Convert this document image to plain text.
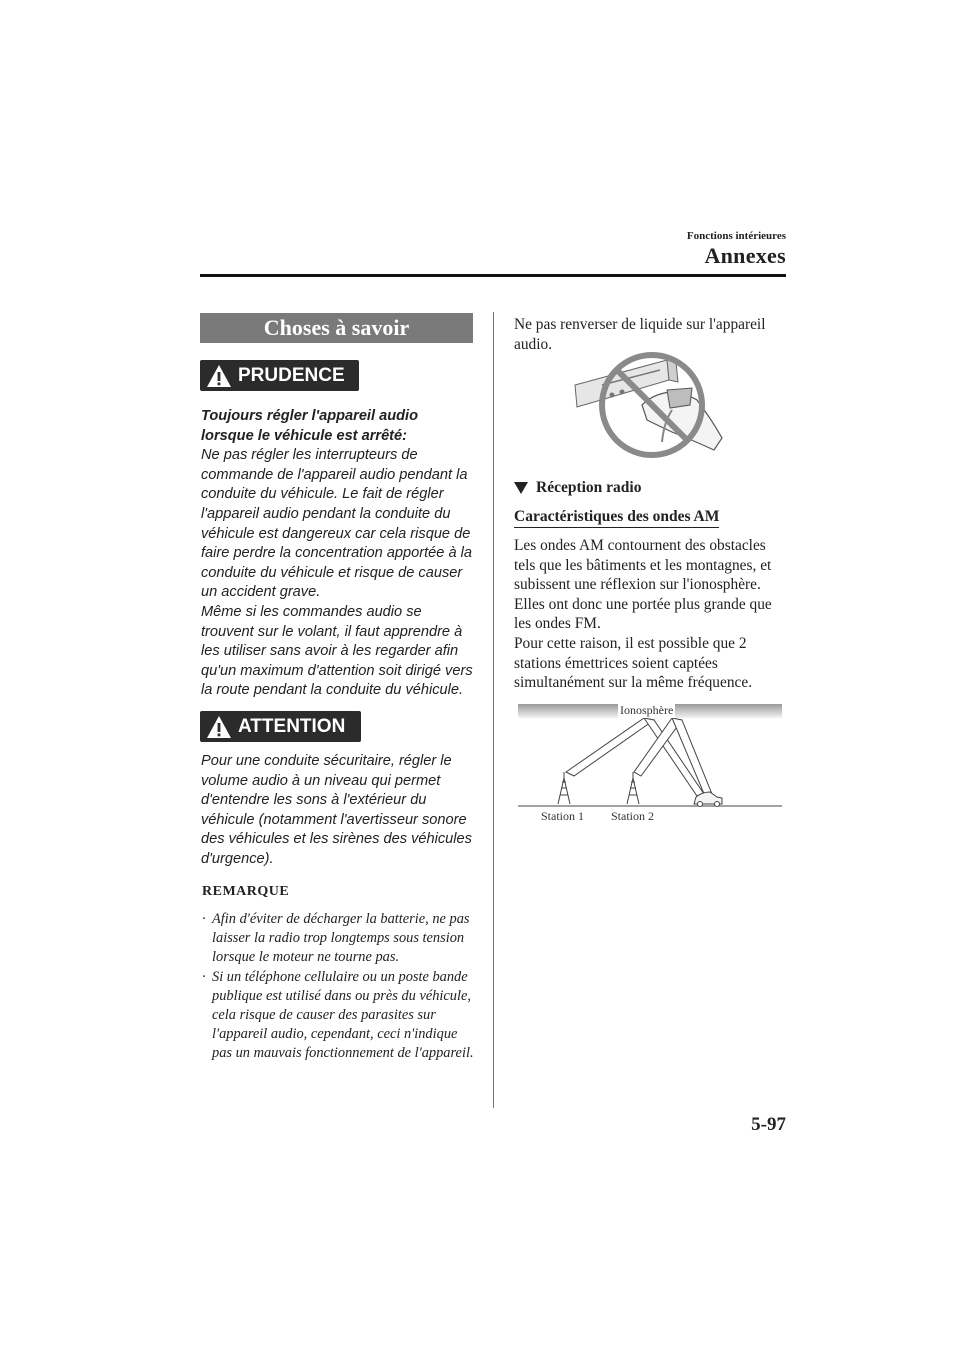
Fonctions intérieures
Annexes
Choses à savoir
PRUDENCE
Toujours régler l'appareil audio lorsque le véhicule est arrêté:
Ne pas régler les interrupteurs de commande de l'appareil audio pendant la conduite du véhicule. Le fait de régler l'appareil audio pendant la conduite du véhicule est dangereux car cela risque de faire perdre la concentration apportée à la conduite du véhicule et risque de causer un accident grave.
Même si les commandes audio se trouvent sur le volant, il faut apprendre à les utiliser sans avoir à les regarder afin qu'un maximum d'attention soit dirigé vers la route pendant la conduite du véhicule.
ATTENTION
Pour une conduite sécuritaire, régler le volume audio à un niveau qui permet d'entendre les sons à l'extérieur du véhicule (notamment l'avertisseur sonore des véhicules et les sirènes des véhicules d'urgence).
REMARQUE
· Afin d'éviter de décharger la batterie, ne pas laisser la radio trop longtemps sous tension lorsque le moteur ne tourne pas.
· Si un téléphone cellulaire ou un poste bande publique est utilisé dans ou près du véhicule, cela risque de causer des parasites sur l'appareil audio, cependant, ceci n'indique pas un mauvais fonctionnement de l'appareil.
Ne pas renverser de liquide sur l'appareil audio.
Réception radio
Caractéristiques des ondes AM
Les ondes AM contournent des obstacles tels que les bâtiments et les montagnes, et subissent une réflexion sur l'ionosphère. Elles ont donc une portée plus grande que les ondes FM.
Pour cette raison, il est possible que 2 stations émettrices soient captées simultanément sur la même fréquence.
Ionosphère
Station 1 Station 2
5-97
